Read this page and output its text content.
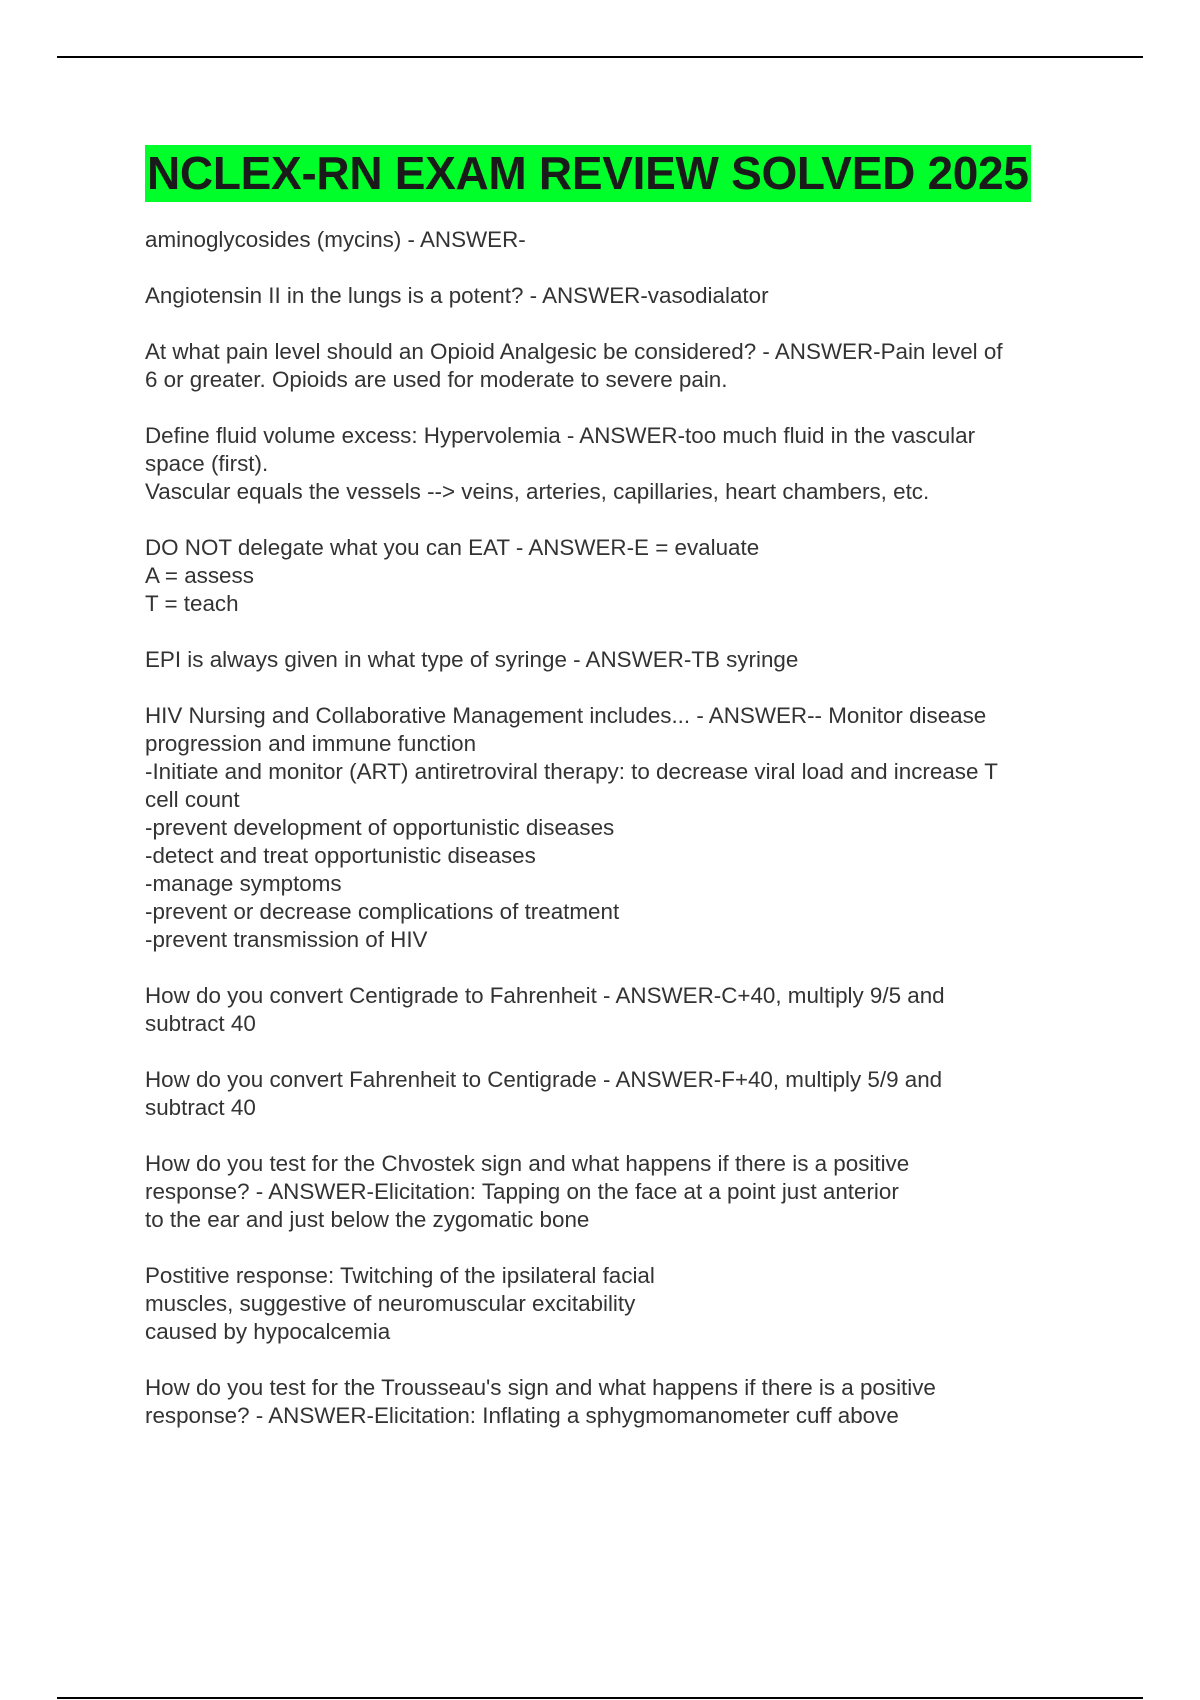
NCLEX-RN EXAM REVIEW SOLVED 2025

aminoglycosides (mycins) - ANSWER-

Angiotensin II in the lungs is a potent? - ANSWER-vasodialator

At what pain level should an Opioid Analgesic be considered? - ANSWER-Pain level of
6 or greater. Opioids are used for moderate to severe pain.

Define fluid volume excess: Hypervolemia - ANSWER-too much fluid in the vascular
space (first).
Vascular equals the vessels --> veins, arteries, capillaries, heart chambers, etc.

DO NOT delegate what you can EAT - ANSWER-E = evaluate
A = assess
T = teach

EPI is always given in what type of syringe - ANSWER-TB syringe

HIV Nursing and Collaborative Management includes... - ANSWER-- Monitor disease
progression and immune function
-Initiate and monitor (ART) antiretroviral therapy: to decrease viral load and increase T
cell count
-prevent development of opportunistic diseases
-detect and treat opportunistic diseases
-manage symptoms
-prevent or decrease complications of treatment
-prevent transmission of HIV

How do you convert Centigrade to Fahrenheit - ANSWER-C+40, multiply 9/5 and
subtract 40

How do you convert Fahrenheit to Centigrade - ANSWER-F+40, multiply 5/9 and
subtract 40

How do you test for the Chvostek sign and what happens if there is a positive
response? - ANSWER-Elicitation: Tapping on the face at a point just anterior
to the ear and just below the zygomatic bone

Postitive response: Twitching of the ipsilateral facial
muscles, suggestive of neuromuscular excitability
caused by hypocalcemia

How do you test for the Trousseau's sign and what happens if there is a positive
response? - ANSWER-Elicitation: Inflating a sphygmomanometer cuff above
